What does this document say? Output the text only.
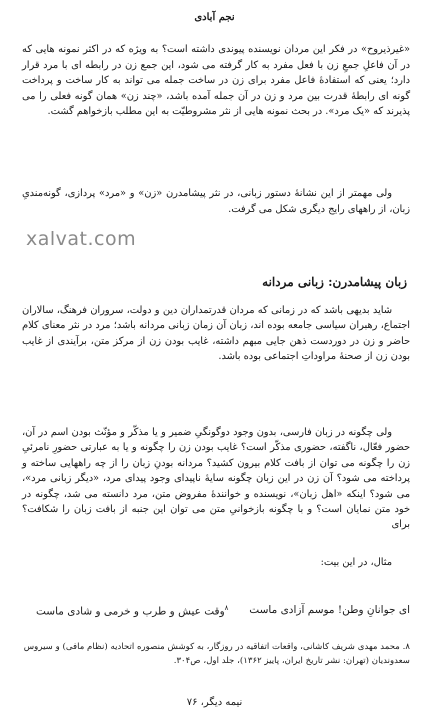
نجم آبادی

«غیرذیروح» در فکر این مردان نویسنده پیوندی داشته است؟ به ویژه که در اکثر نمونه هایی که در آن فاعلِ جمعِ زن با فعل مفرد به کار گرفته می شود، این جمع زن در رابطه ای با مرد قرار دارد؛ یعنی که استفادهٔ فاعل مفرد برای زن در ساخت جمله می تواند به کار ساخت و پرداخت گونه ای رابطهٔ قدرت بین مرد و زن در آن جمله آمده باشد، «چند زن» همان گونه فعلی را می پذیرند که «یک مرد». در بحث نمونه هایی از نثر مشروطیّت به این مطلب بازخواهم گشت.

ولی مهمتر از این نشانهٔ دستور زبانی، در نثر پیشامدرن «زن» و «مرد» پردازی، گونه‌مندیِ زبان، از راههای رایج دیگری شکل می گرفت.

xalvat.com
زبان پیشامدرن: زبانی مردانه

شاید بدیهی باشد که در زمانی که مردان قدرتمداران دین و دولت، سروران فرهنگ، سالاران اجتماع، رهبران سیاسی جامعه بوده اند، زبان آن زمان زبانی مردانه باشد؛ مرد در نثر معنای کلام حاضر و زن در دوردست ذهن جایی مبهم داشته، غایب بودن زن از مرکز متن، برآیندی از غایب بودن زن از صحنهٔ مراوداتِ اجتماعی بوده باشد.

ولی چگونه در زبان فارسی، بدون وجود دوگونگیِ ضمیر و یا مذکّر و مؤنّث بودن اسم در آن، حضور فعّال، ناگفته، حضوری مذکّر است؟ غایب بودن زن را چگونه و یا به عبارتی حضورِ نامرئیِ زن را چگونه می توان از بافت کلام بیرون کشید؟ مردانه بودنِ زبان را از چه راههایی ساخته و پرداخته می شود؟ آن زن در این زبان چگونه سایهٔ ناپیدای وجود پیدای مرد، «دیگر زبانی مرد»، می شود؟ اینکه «اهل زبان»، نویسنده و خوانندهٔ مفروض متن، مرد دانسته می شد، چگونه در خود متن نمایان است؟ و با چگونه بازخوانیِ متن می توان این جنبه از بافت زبان را شکافت؟ برای

مثال، در این بیت:

ای جوانانِ وطن! موسم آزادی ماست
$^۸$وقت عیش و طرب و خرمی و شادی ماست
۸. محمد مهدی شریف کاشانی، واقعات اتفاقیه در روزگار، به کوشش منصوره اتحادیه (نظام مافی) و سیروس سعدوندیان (تهران: نشر تاریخ ایران، پاییز ۱۳۶۲)، جلد اول، ص۳۰۴.
نیمه دیگر، ۷۶
